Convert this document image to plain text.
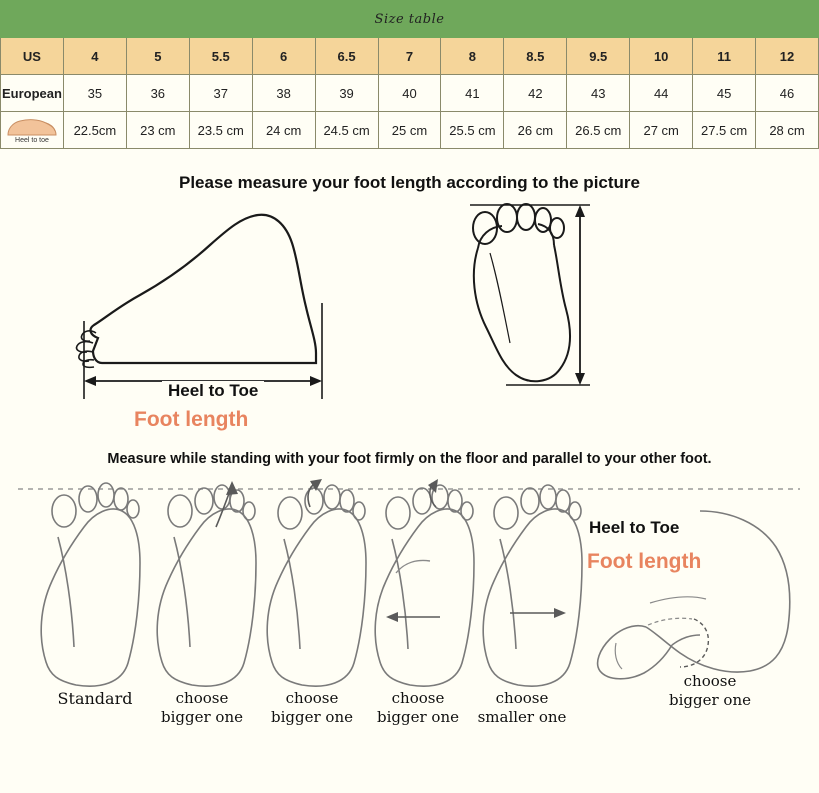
Size table												
US	4	5	5.5	6	6.5	7	8	8.5	9.5	10	11	12
European	35	36	37	38	39	40	41	42	43	44	45	46

Heel to toe	22.5cm	23 cm	23.5 cm	24 cm	24.5 cm	25 cm	25.5 cm	26 cm	26.5 cm	27 cm	27.5 cm	28 cm
Please measure your foot length according to the picture
Heel to Toe
Foot length
Heel to Toe
Foot length
Measure while standing with your foot firmly on the floor and parallel to your other foot.
Standard	choose
bigger one
choose
bigger one
choose
bigger one
choose
smaller one
choose
bigger one
